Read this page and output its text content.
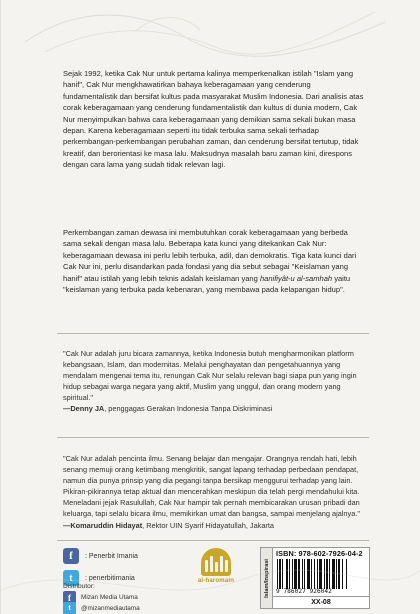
Sejak 1992, ketika Cak Nur untuk pertama kalinya memperkenalkan istilah "Islam yang hanif", Cak Nur mengkhawatirkan bahaya keberagamaan yang cenderung fundamentalistik dan bersifat kultus pada masyarakat Muslim Indonesia. Dari analisis atas corak keberagamaan yang cenderung fundamentalistik dan kultus di dunia modern, Cak Nur menyimpulkan bahwa cara keberagamaan yang demikian sama sekali bukan masa depan. Karena keberagamaan seperti itu tidak terbuka sama sekali terhadap perkembangan-perkembangan perubahan zaman, dan cenderung bersifat tertutup, tidak kreatif, dan berorientasi ke masa lalu. Maksudnya masalah baru zaman kini, direspons dengan cara lama yang sudah tidak relevan lagi.

Perkembangan zaman dewasa ini membutuhkan corak keberagamaan yang berbeda sama sekali dengan masa lalu. Beberapa kata kunci yang ditekankan Cak Nur: keberagamaan dewasa ini perlu lebih terbuka, adil, dan demokratis. Tiga kata kunci dari Cak Nur ini, perlu disandarkan pada fondasi yang dia sebut sebagai "Keislaman yang hanif" atau istilah yang lebih teknis adalah keislaman yang hanifiyât-u al-samhah yaitu "keislaman yang terbuka pada kebenaran, yang membawa pada kelapangan hidup".

"Cak Nur adalah juru bicara zamannya, ketika Indonesia butuh mengharmonikan platform kebangsaan, Islam, dan modernitas. Melalui penghayatan dan pengetahuannya yang mendalam mengenai tema itu, renungan Cak Nur selalu relevan bagi siapa pun yang ingin hidup sebagai warga negara yang aktif, Muslim yang unggul, dan orang modern yang spiritual."
—Denny JA, penggagas Gerakan Indonesia Tanpa Diskriminasi

"Cak Nur adalah pencinta ilmu. Senang belajar dan mengajar. Orangnya rendah hati, lebih senang memuji orang ketimbang mengkritik, sangat lapang terhadap perbedaan pendapat, namun dia punya prinsip yang dia pegangi tanpa bersikap menggurui terhadap yang lain. Pikiran-pikirannya tetap aktual dan mencerahkan meskipun dia telah pergi mendahului kita. Meneladani jejak Rasulullah, Cak Nur hampir tak pernah membicarakan urusan pribadi dan keluarga, tapi selalu bicara ilmu, memikirkan umat dan bangsa, sampai menjelang ajalnya."
—Komaruddin Hidayat, Rektor UIN Syarif Hidayatullah, Jakarta

f	: Penerbit Imania
t	: penerbitimania
Distributor:
f	Mizan Media Utama
t	@mizanmediautama
al-haromain	Islam/Inspirasi
ISBN: 978-602-7926-04-2
9 786027 926042
XX-08
